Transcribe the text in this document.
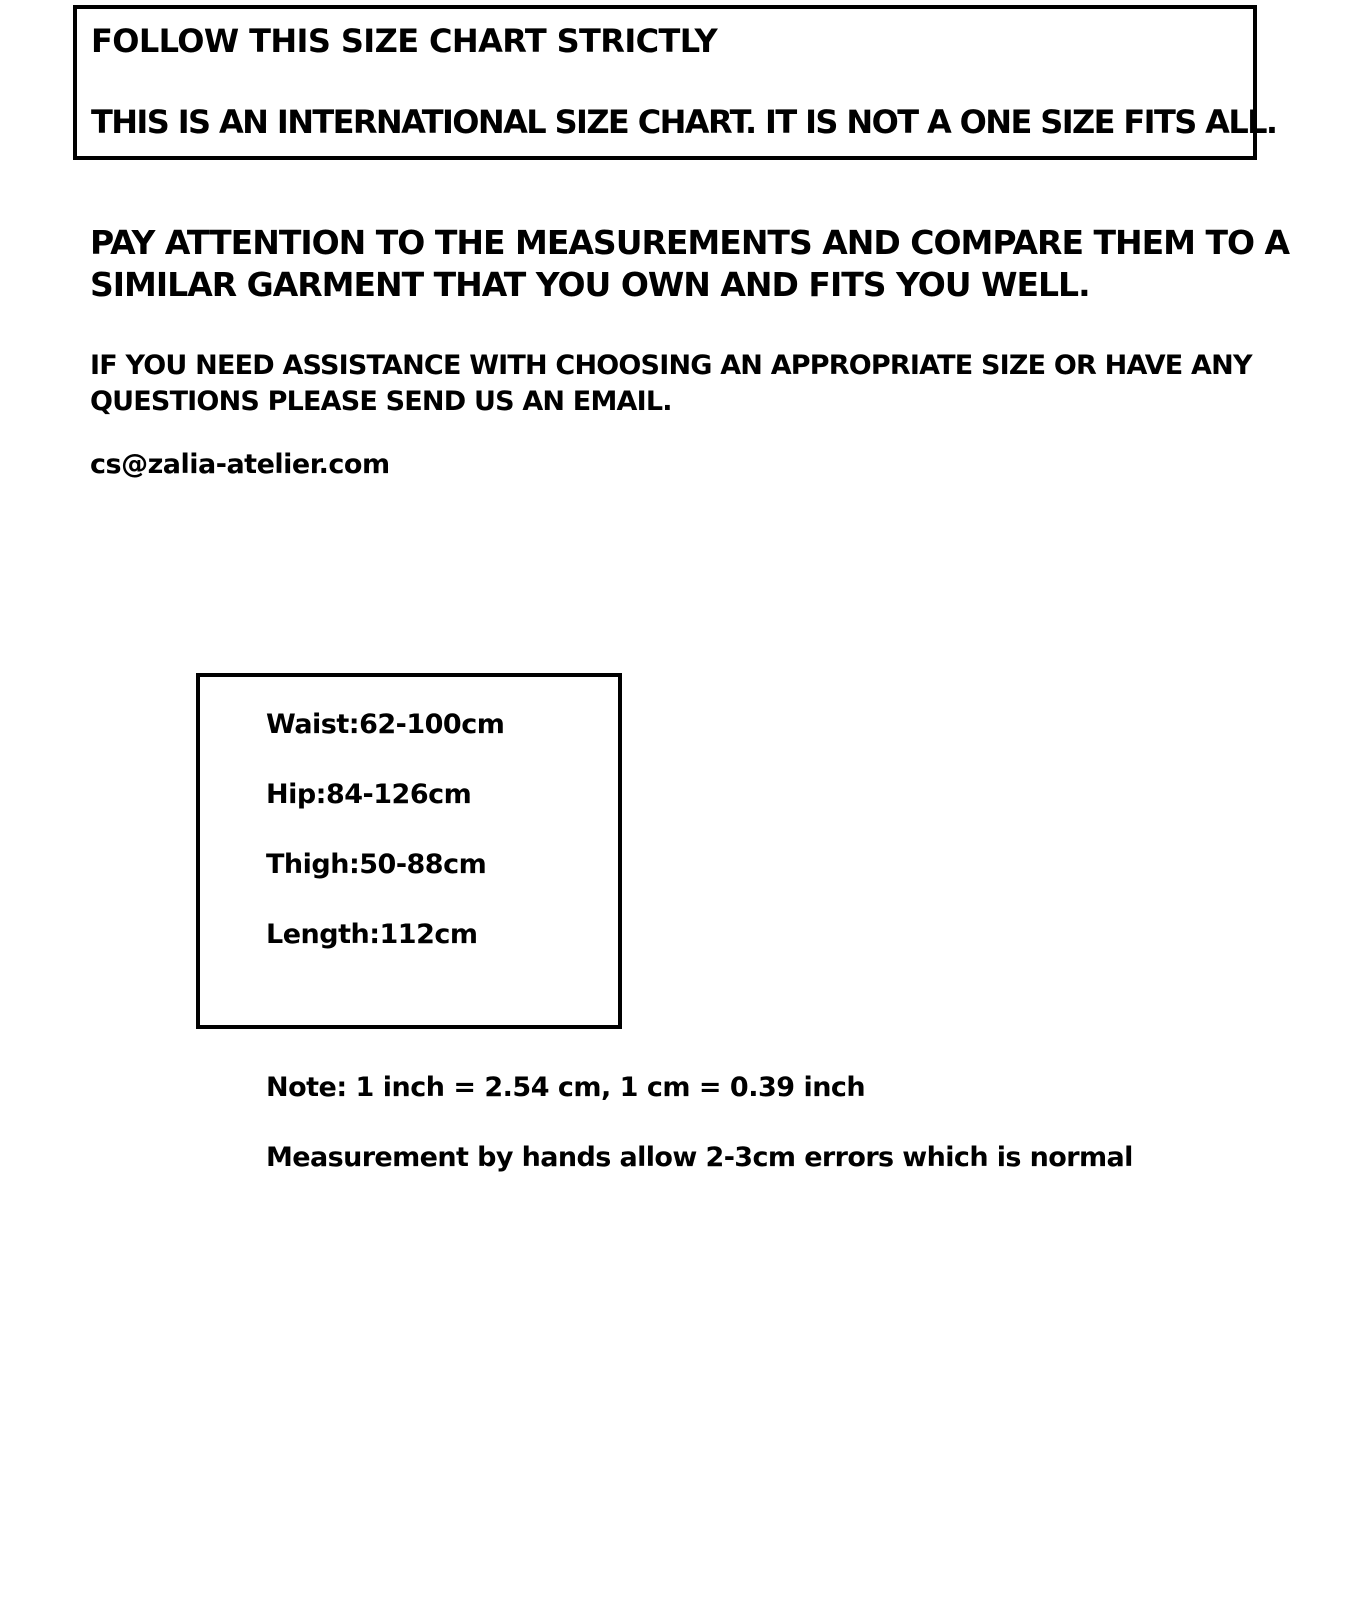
FOLLOW THIS SIZE CHART STRICTLY

THIS IS AN INTERNATIONAL SIZE CHART. IT IS NOT A ONE SIZE FITS ALL.

PAY ATTENTION TO THE MEASUREMENTS AND COMPARE THEM TO A SIMILAR GARMENT THAT YOU OWN AND FITS YOU WELL.

IF YOU NEED ASSISTANCE WITH CHOOSING AN APPROPRIATE SIZE OR HAVE ANY QUESTIONS PLEASE SEND US AN EMAIL.

cs@zalia-atelier.com

Waist:62-100cm
Hip:84-126cm
Thigh:50-88cm
Length:112cm

Note: 1 inch = 2.54 cm, 1 cm = 0.39 inch

Measurement by hands allow 2-3cm errors which is normal
